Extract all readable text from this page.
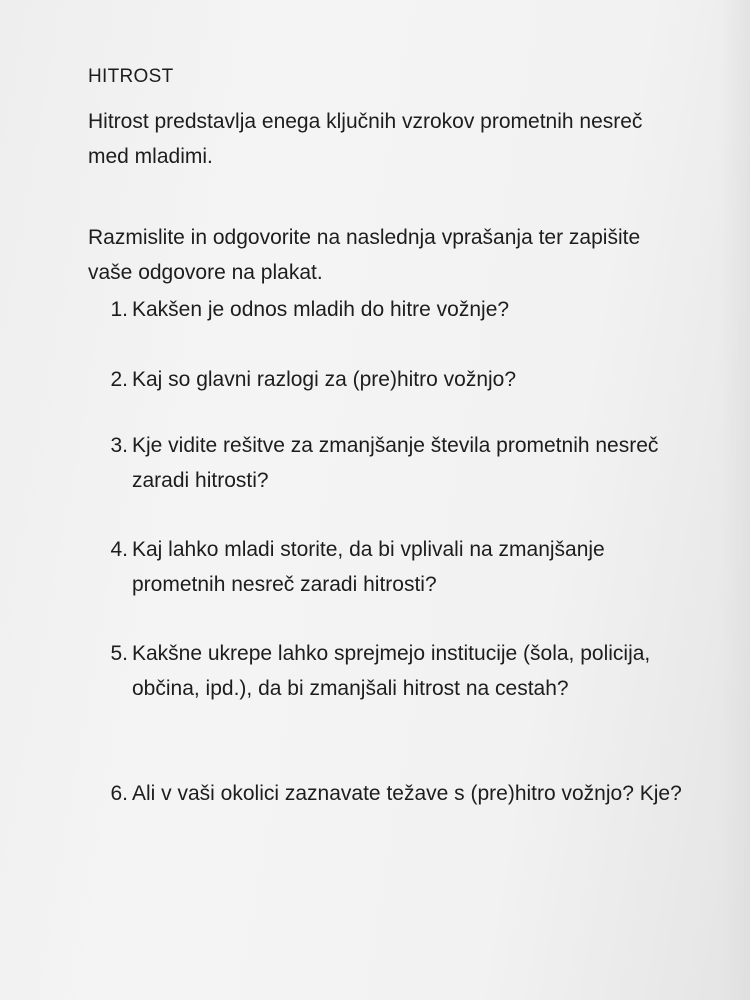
HITROST
Hitrost predstavlja enega ključnih vzrokov prometnih nesreč med mladimi.
Razmislite in odgovorite na naslednja vprašanja ter zapišite vaše odgovore na plakat.
1. Kakšen je odnos mladih do hitre vožnje?
2. Kaj so glavni razlogi za (pre)hitro vožnjo?
3. Kje vidite rešitve za zmanjšanje števila prometnih nesreč zaradi hitrosti?
4. Kaj lahko mladi storite, da bi vplivali na zmanjšanje prometnih nesreč zaradi hitrosti?
5. Kakšne ukrepe lahko sprejmejo institucije (šola, policija, občina, ipd.), da bi zmanjšali hitrost na cestah?
6. Ali v vaši okolici zaznavate težave s (pre)hitro vožnjo? Kje?
